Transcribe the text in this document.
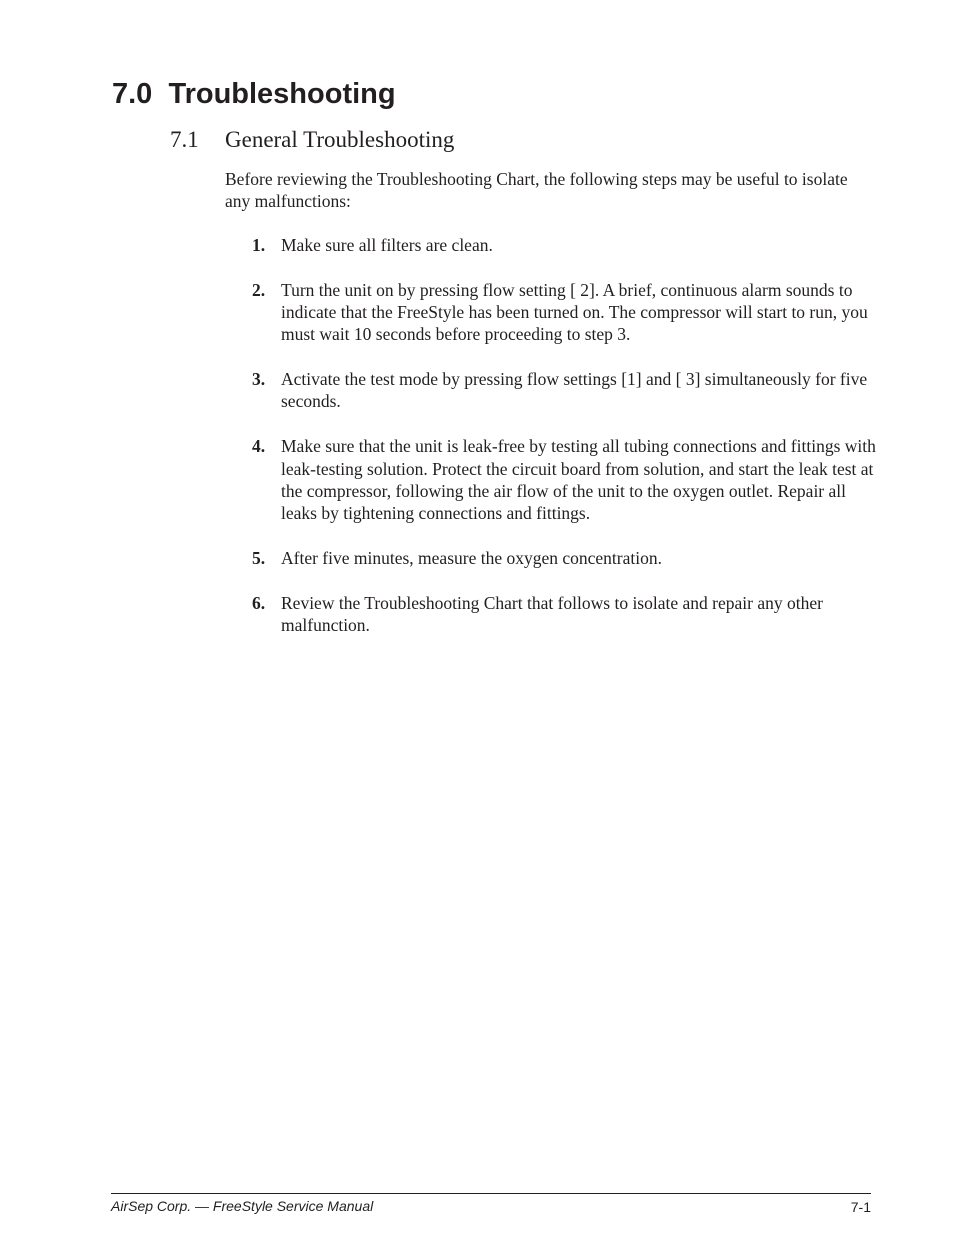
7.0 Troubleshooting
7.1 General Troubleshooting

Before reviewing the Troubleshooting Chart, the following steps may be useful to isolate any malfunctions:

1. Make sure all filters are clean.
2. Turn the unit on by pressing flow setting [ 2]. A brief, continuous alarm sounds to indicate that the FreeStyle has been turned on. The compressor will start to run, you must wait 10 seconds before proceeding to step 3.
3. Activate the test mode by pressing flow settings [1] and [ 3] simultaneously for five seconds.
4. Make sure that the unit is leak-free by testing all tubing connections and fittings with leak-testing solution. Protect the circuit board from solution, and start the leak test at the compressor, following the air flow of the unit to the oxygen outlet. Repair all leaks by tightening connections and fittings.
5. After five minutes, measure the oxygen concentration.
6. Review the Troubleshooting Chart that follows to isolate and repair any other malfunction.
AirSep Corp. — FreeStyle Service Manual	7-1
